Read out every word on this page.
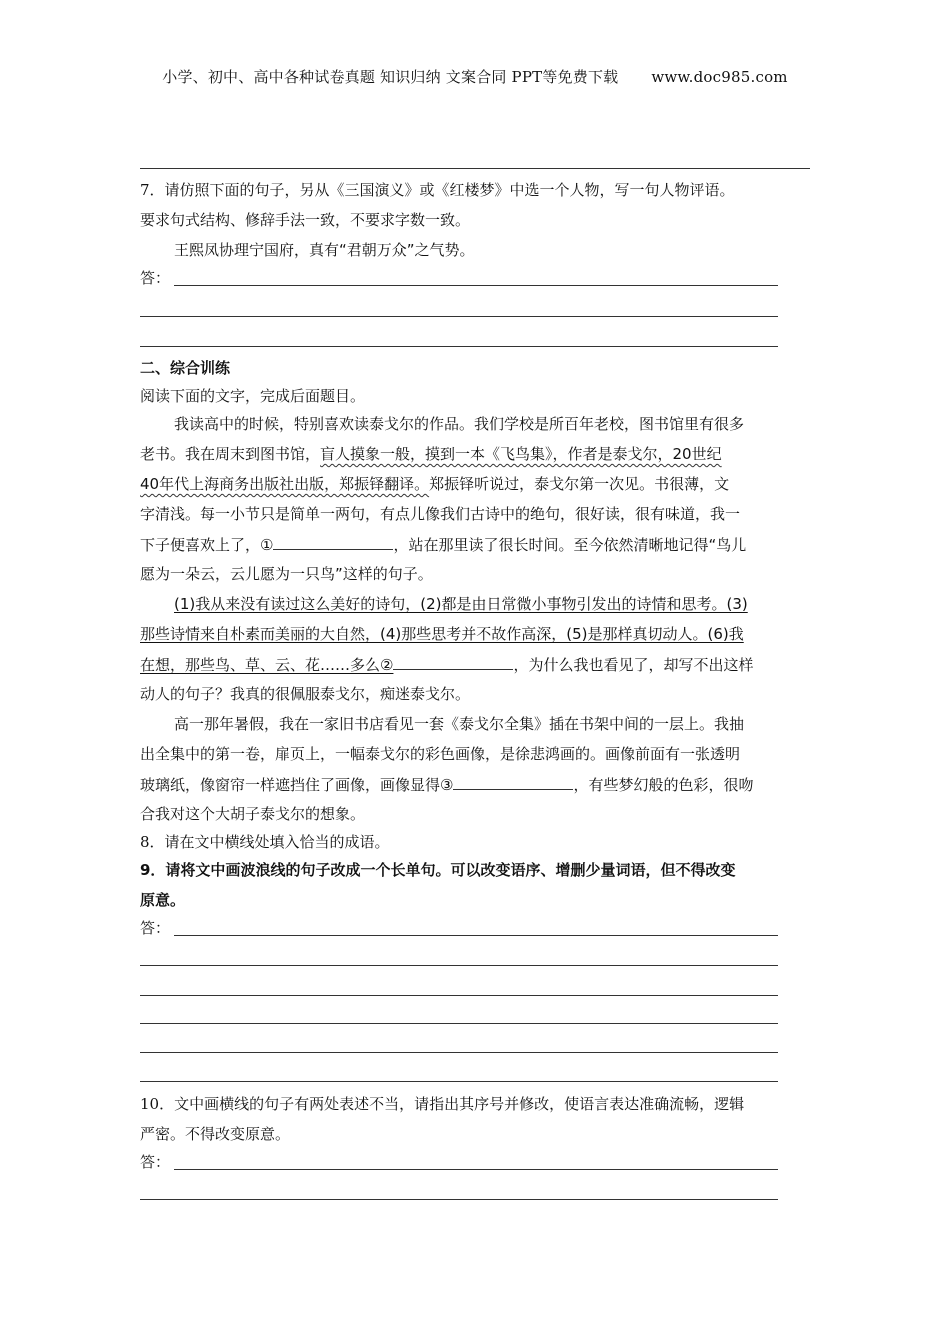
小学、初中、高中各种试卷真题 知识归纳 文案合同 PPT等免费下载 www.doc985.com
7．请仿照下面的句子，另从《三国演义》或《红楼梦》中选一个人物，写一句人物评语。
要求句式结构、修辞手法一致，不要求字数一致。
王熙凤协理宁国府，真有“君朝万众”之气势。
答：
二、综合训练
阅读下面的文字，完成后面题目。
我读高中的时候，特别喜欢读泰戈尔的作品。我们学校是所百年老校，图书馆里有很多
老书。我在周末到图书馆，盲人摸象一般，摸到一本《飞鸟集》，作者是泰戈尔，20世纪
40年代上海商务出版社出版，郑振铎翻译。郑振铎听说过，泰戈尔第一次见。书很薄，文
字清浅。每一小节只是简单一两句，有点儿像我们古诗中的绝句，很好读，很有味道，我一
下子便喜欢上了，①	，站在那里读了很长时间。至今依然清晰地记得“鸟儿
愿为一朵云，云儿愿为一只鸟”这样的句子。
(1)我从来没有读过这么美好的诗句，(2)都是由日常微小事物引发出的诗情和思考。(3)
那些诗情来自朴素而美丽的大自然，(4)那些思考并不故作高深，(5)是那样真切动人。(6)我
在想，那些鸟、草、云、花……多么②	，为什么我也看见了，却写不出这样
动人的句子？我真的很佩服泰戈尔，痴迷泰戈尔。
高一那年暑假，我在一家旧书店看见一套《泰戈尔全集》插在书架中间的一层上。我抽
出全集中的第一卷，扉页上，一幅泰戈尔的彩色画像，是徐悲鸿画的。画像前面有一张透明
玻璃纸，像窗帘一样遮挡住了画像，画像显得③	，有些梦幻般的色彩，很吻
合我对这个大胡子泰戈尔的想象。
8．请在文中横线处填入恰当的成语。
9．请将文中画波浪线的句子改成一个长单句。可以改变语序、增删少量词语，但不得改变
原意。
答：
10．文中画横线的句子有两处表述不当，请指出其序号并修改，使语言表达准确流畅，逻辑
严密。不得改变原意。
答：
